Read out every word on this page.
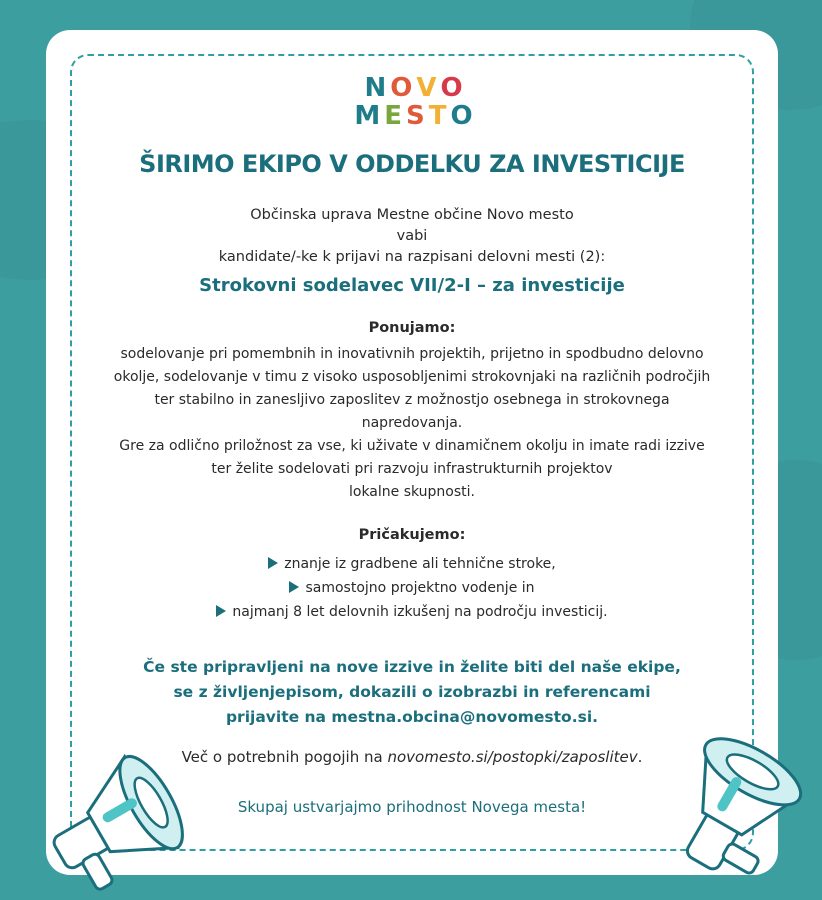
N O V O
M E S T O
ŠIRIMO EKIPO V ODDELKU ZA INVESTICIJE
Občinska uprava Mestne občine Novo mesto
vabi
kandidate/-ke k prijavi na razpisani delovni mesti (2):
Strokovni sodelavec VII/2-I – za investicije
Ponujamo:
sodelovanje pri pomembnih in inovativnih projektih, prijetno in spodbudno delovno
okolje, sodelovanje v timu z visoko usposobljenimi strokovnjaki na različnih področjih
ter stabilno in zanesljivo zaposlitev z možnostjo osebnega in strokovnega
napredovanja.
Gre za odlično priložnost za vse, ki uživate v dinamičnem okolju in imate radi izzive
ter želite sodelovati pri razvoju infrastrukturnih projektov
lokalne skupnosti.
Pričakujemo:
znanje iz gradbene ali tehnične stroke,
samostojno projektno vodenje in
najmanj 8 let delovnih izkušenj na področju investicij.
Če ste pripravljeni na nove izzive in želite biti del naše ekipe,
se z življenjepisom, dokazili o izobrazbi in referencami
prijavite na mestna.obcina@novomesto.si.
Več o potrebnih pogojih na novomesto.si/postopki/zaposlitev.
Skupaj ustvarjajmo prihodnost Novega mesta!
